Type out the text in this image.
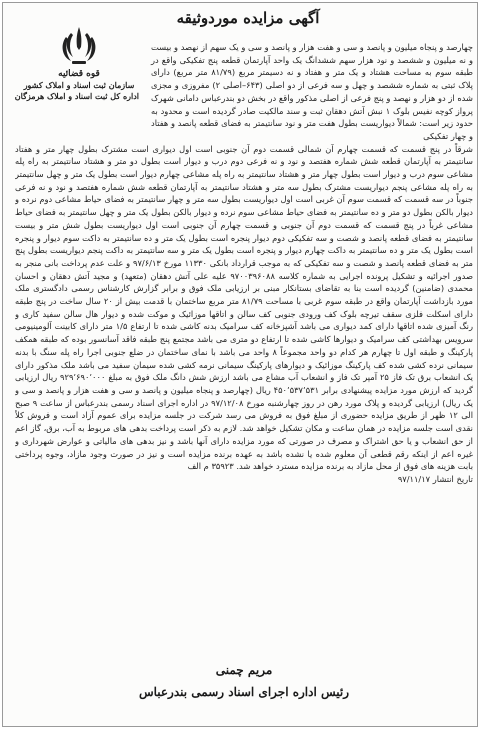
آگهی مزایده موردوثیقه
قوه قضائیه
سازمان ثبت اسناد و املاک کشور
اداره کل ثبت اسناد و املاک هرمزگان
چهارصد و پنجاه میلیون و پانصد و سی و هفت هزار و پانصد و سی و یک سهم از نهصد و بیست و نه میلیون و ششصد و نود هزار سهم ششدانگ یک واحد آپارتمان قطعه پنج تفکیکی واقع در طبقه سوم به مساحت هشتاد و یک متر و هفتاد و نه دسیمتر مربع (۸۱/۷۹ متر مربع) دارای پلاک ثبتی به شماره ششصد و چهل و سه فرعی از دو اصلی (۶۴۳–اصلی ۲) مفروزی و مجزی شده از دو هزار و نهصد و پنج فرعی از اصلی مذکور واقع در بخش دو بندرعباس دامانی شهرک پرواز کوچه نفیس بلوک ۱ نبش آتش دهقان ثبت و سند مالکیت صادر گردیده است و محدود به حدود زیر است: شمالاً دیواریست بطول هفت متر و نود سانتیمتر به فضای قطعه پانصد و هفتاد و چهار تفکیکی
شرقاً در پنج قسمت که قسمت چهارم آن شمالی قسمت دوم آن جنوبی است اول دیواری است مشترک بطول چهار متر و هفتاد سانتیمتر به آپارتمان قطعه شش شماره هفتصد و نود و نه فرعی دوم درب و دیوار است بطول دو متر و هشتاد سانتیمتر به راه پله مشاعی سوم درب و دیوار است بطول چهار متر و هشتاد سانتیمتر به راه پله مشاعی چهارم دیوار است بطول یک متر و چهل سانتیمتر به راه پله مشاعی پنجم دیواریست مشترک بطول سه متر و هشتاد سانتیمتر به آپارتمان قطعه شش شماره هفتصد و نود و نه فرعی جنوباً در سه قسمت که قسمت سوم آن غربی است اول دیواریست بطول سه متر و چهار سانتیمتر به فضای حیاط مشاعی دوم نرده و دیوار بالکن بطول دو متر و ده سانتیمتر به فضای حیاط مشاعی سوم نرده و دیوار بالکن بطول یک متر و چهل سانتیمتر به فضای حیاط مشاعی غرباً در پنج قسمت که قسمت دوم آن جنوبی و قسمت چهارم آن جنوبی است اول دیواریست بطول شش متر و بیست سانتیمتر به فضای قطعه پانصد و شصت و سه تفکیکی دوم دیوار پنجره است بطول یک متر و ده سانتیمتر به داکت سوم دیوار و پنجره است بطول یک متر و ده سانتیمتر به داکت چهارم دیوار و پنجره است بطول یک متر و سه سانتیمتر به داکت پنجم دیواریست بطول پنج متر به فضای قطعه پانصد و شصت و سه تفکیکی که به موجب قرارداد بانکی ۱۱۳۳۰ مورخ ۹۷/۶/۱۳ و علت عدم پرداخت بانی منجر به صدور اجرائیه و تشکیل پرونده اجرایی به شماره کلاسه ۹۷۰۰۳۹۶۰۸۸ علیه علی آتش دهقان (متعهد) و مجید آتش دهقان و احسان محمدی (ضامنین) گردیده است بنا به تقاضای بستانکار مبنی بر ارزیابی ملک فوق و برابر گزارش کارشناس رسمی دادگستری ملک مورد بازداشت آپارتمان واقع در طبقه سوم غربی با مساحت ۸۱/۷۹ متر مربع ساختمان با قدمت بیش از ۲۰ سال ساخت در پنج طبقه دارای اسکلت فلزی سقف تیرچه بلوک کف ورودی جنوبی کف سالن و اتاقها موزائیک و موکت شده و دیوار هال سالن سفید کاری و رنگ آمیزی شده اتاقها دارای کمد دیواری می باشد آشپزخانه کف سرامیک بدنه کاشی شده تا ارتفاع ۱/۵ متر دارای کابینت آلومینیومی سرویس بهداشتی کف سرامیک و دیوارها کاشی شده تا ارتفاع دو متری می باشد مجتمع پنج طبقه فاقد آسانسور بوده که طبقه همکف پارکینگ و طبقه اول تا چهارم هر کدام دو واحد مجموعاً ۸ واحد می باشد با نمای ساختمان در ضلع جنوبی اجرا راه پله سنگ با بدنه سیمانی نرده کشی شده کف پارکینگ موزائیک و دیوارهای پارکینگ سیمانی نرمه کشی شده سیمان سفید می باشد ملک مذکور دارای یک انشعاب برق تک فاز ۲۵ آمپر تک فاز و انشعاب آب مشاع می باشد ارزش شش دانگ ملک فوق به مبلغ ۹۲۹٬۶۹۰٬۰۰۰ ریال ارزیابی گردید که ارزش مورد مزایده پیشنهادی برابر ۴۵۰٬۵۳۷٬۵۳۱ ریال (چهارصد و پنجاه میلیون و پانصد و سی و هفت هزار و پانصد و سی و یک ریال) ارزیابی گردیده و پلاک مورد رهن در روز چهارشنبه مورخ ۹۷/۱۲/۰۸ در اداره اجرای اسناد رسمی بندرعباس از ساعت ۹ صبح الی ۱۲ ظهر از طریق مزایده حضوری از مبلغ فوق به فروش می رسد شرکت در جلسه مزایده برای عموم آزاد است و فروش کلاً نقدی است جلسه مزایده در همان ساعت و مکان تشکیل خواهد شد. لازم به ذکر است پرداخت بدهی های مربوط به آب، برق، گاز اعم از حق انشعاب و یا حق اشتراک و مصرف در صورتی که مورد مزایده دارای آنها باشد و نیز بدهی های مالیاتی و عوارض شهرداری و غیره اعم از اینکه رقم قطعی آن معلوم شده یا نشده باشد به عهده برنده مزایده است و نیز در صورت وجود مازاد، وجوه پرداختی بابت هزینه های فوق از محل مازاد به برنده مزایده مسترد خواهد شد. ۳۵۹۲۳ م الف
تاریخ انتشار ۹۷/۱۱/۱۷
مریم چمنی
رئیس اداره اجرای اسناد رسمی بندرعباس
